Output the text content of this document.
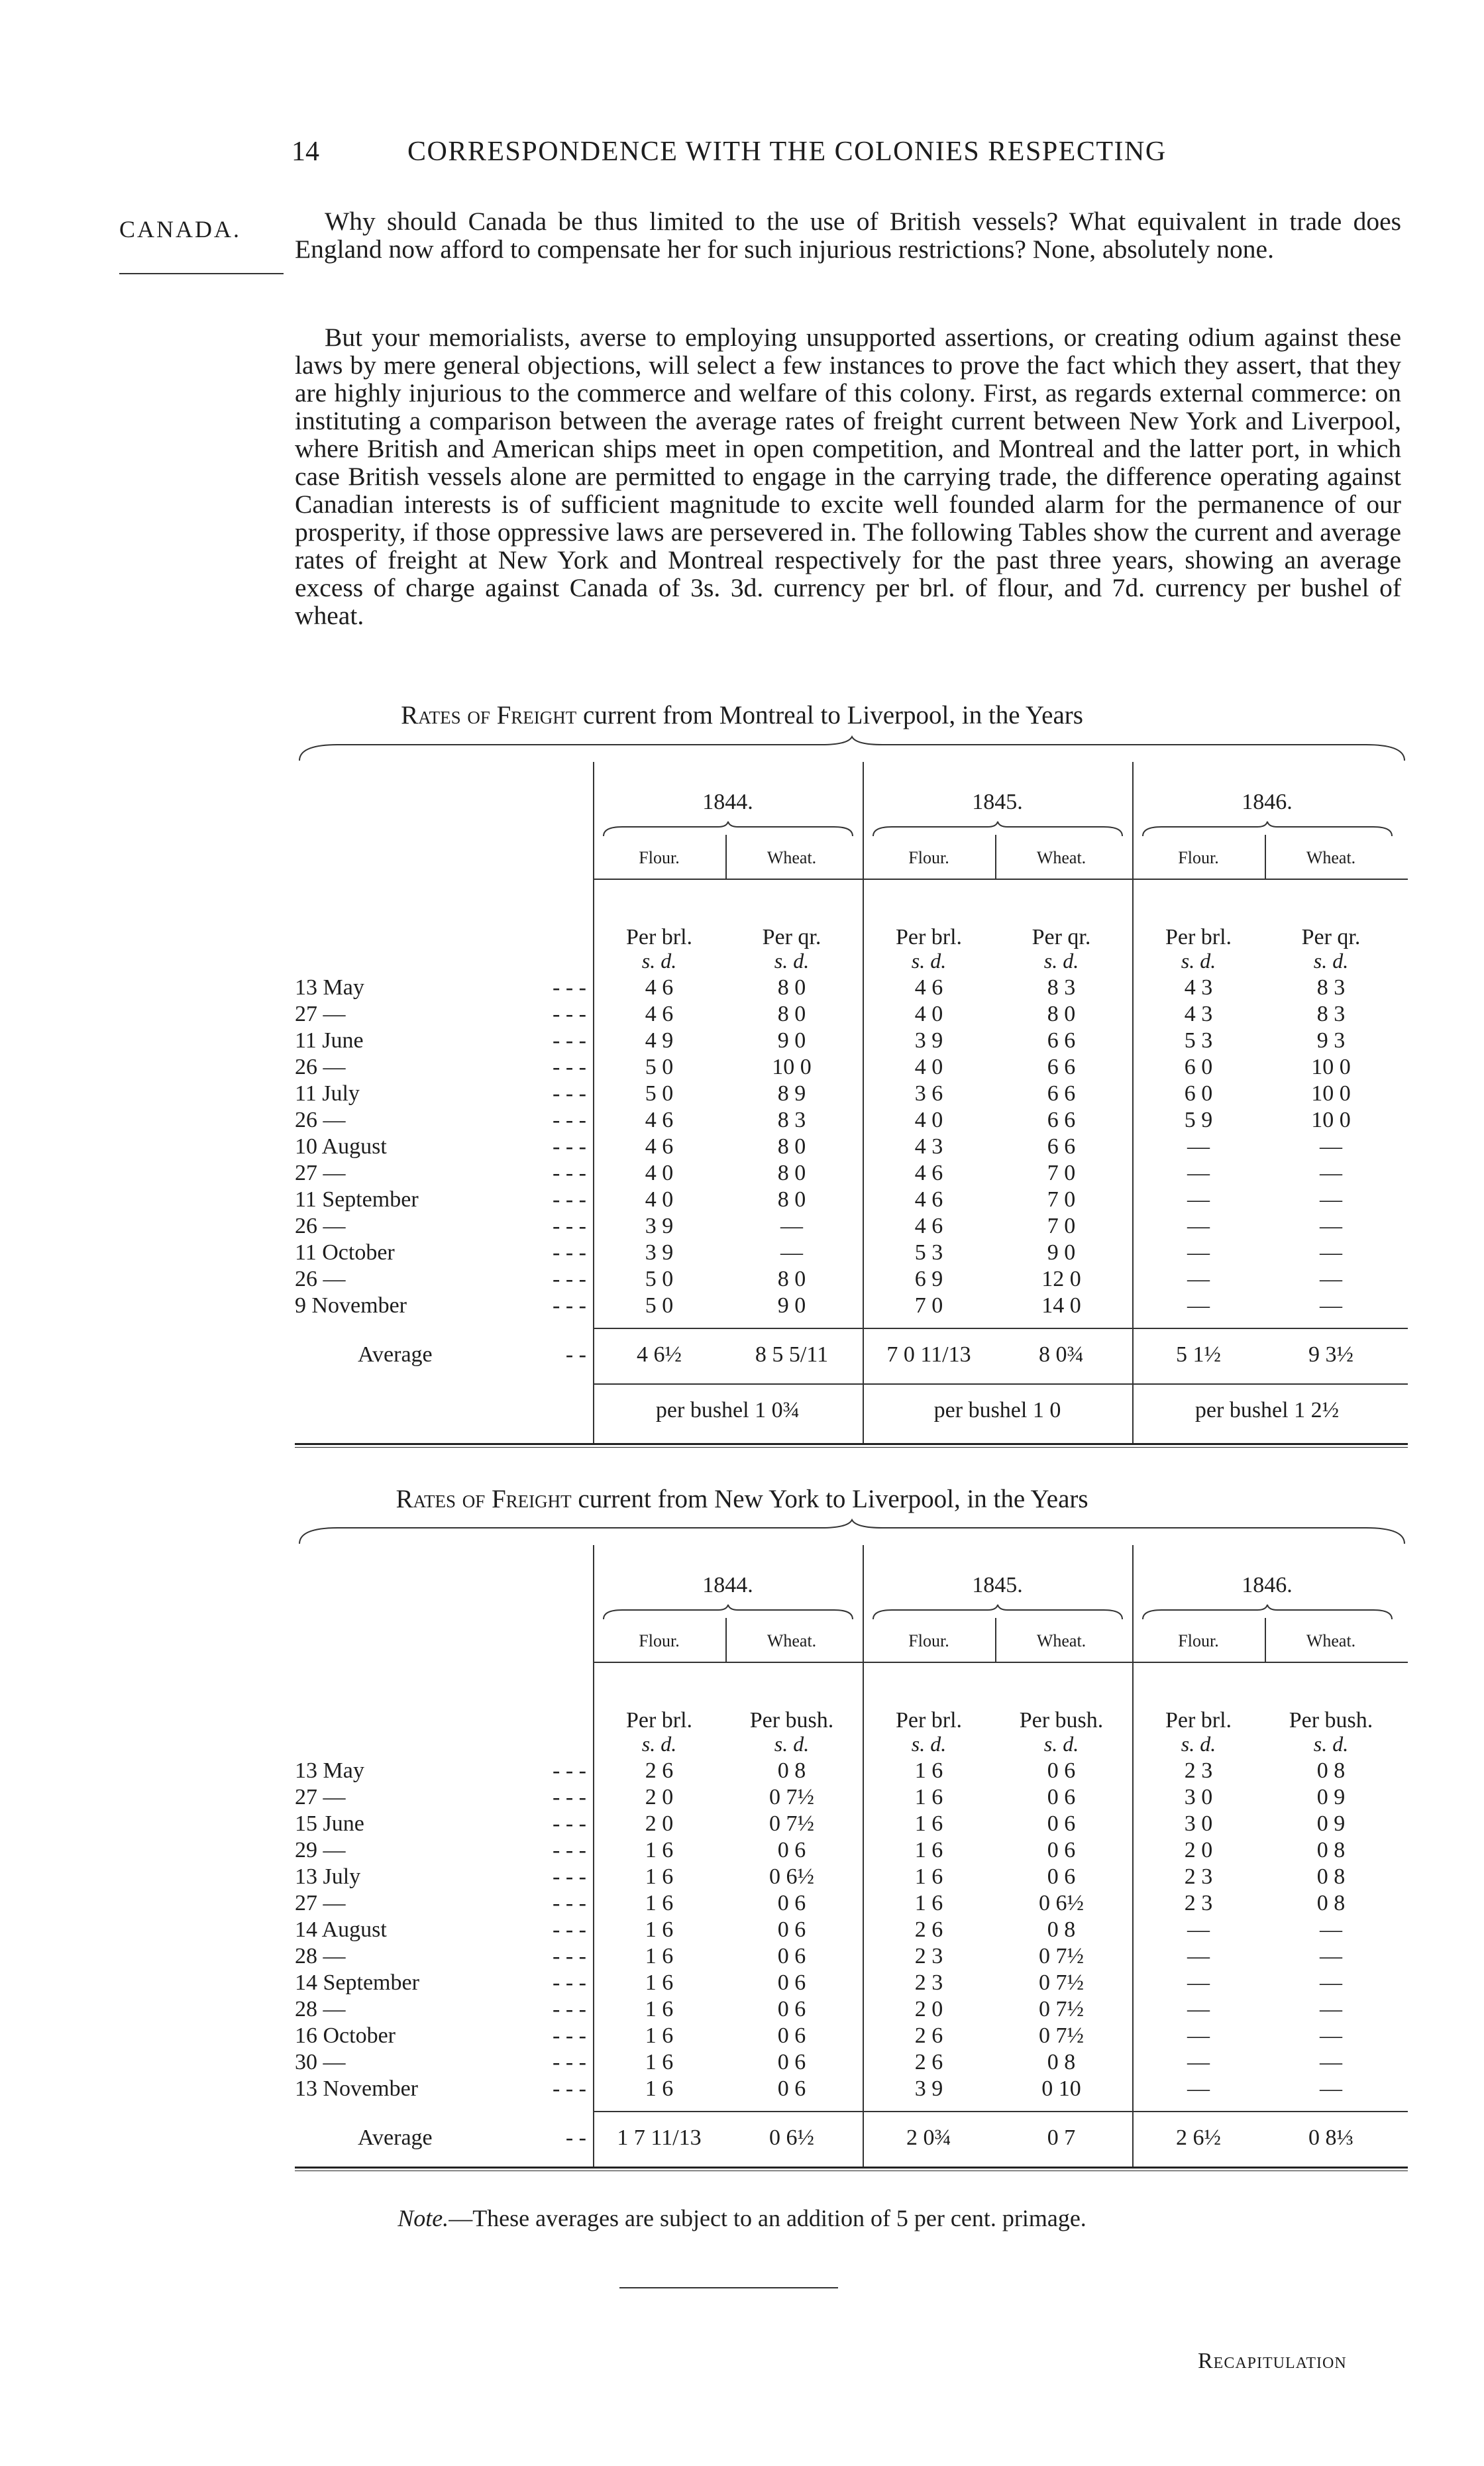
14	CORRESPONDENCE WITH THE COLONIES RESPECTING
CANADA.	Why should Canada be thus limited to the use of British vessels? What equivalent in trade does England now afford to compensate her for such injurious restrictions? None, absolutely none.
But your memorialists, averse to employing unsupported assertions, or creating odium against these laws by mere general objections, will select a few instances to prove the fact which they assert, that they are highly injurious to the commerce and welfare of this colony. First, as regards external commerce: on instituting a comparison between the average rates of freight current between New York and Liverpool, where British and American ships meet in open competition, and Montreal and the latter port, in which case British vessels alone are permitted to engage in the carrying trade, the difference operating against Canadian interests is of sufficient magnitude to excite well founded alarm for the permanence of our prosperity, if those oppressive laws are persevered in. The following Tables show the current and average rates of freight at New York and Montreal respectively for the past three years, showing an average excess of charge against Canada of 3s. 3d. currency per brl. of flour, and 7d. currency per bushel of wheat.
Rates of Freight current from Montreal to Liverpool, in the Years
1844.	1845.	1846.
Flour.	Wheat.	Flour.	Wheat.	Flour.	Wheat.
Per brl.	Per qr.	Per brl.	Per qr.	Per brl.	Per qr.
s. d.	s. d.	s. d.	s. d.	s. d.	s. d.
13 May	- - -	4 6	8 0	4 6	8 3	4 3	8 3
27 —	- - -	4 6	8 0	4 0	8 0	4 3	8 3
11 June	- - -	4 9	9 0	3 9	6 6	5 3	9 3
26 —	- - -	5 0	10 0	4 0	6 6	6 0	10 0
11 July	- - -	5 0	8 9	3 6	6 6	6 0	10 0
26 —	- - -	4 6	8 3	4 0	6 6	5 9	10 0
10 August	- - -	4 6	8 0	4 3	6 6	—	—
27 —	- - -	4 0	8 0	4 6	7 0	—	—
11 September	- - -	4 0	8 0	4 6	7 0	—	—
26 —	- - -	3 9	—	4 6	7 0	—	—
11 October	- - -	3 9	—	5 3	9 0	—	—
26 —	- - -	5 0	8 0	6 9	12 0	—	—
9 November	- - -	5 0	9 0	7 0	14 0	—	—
Average	- -	4 6½	8 5 5/11	7 0 11/13	8 0¾	5 1½	9 3½
per bushel 1 0¾	per bushel 1 0	per bushel 1 2½
Rates of Freight current from New York to Liverpool, in the Years
1844.	1845.	1846.
Flour.	Wheat.	Flour.	Wheat.	Flour.	Wheat.
Per brl.	Per bush.	Per brl.	Per bush.	Per brl.	Per bush.
s. d.	s. d.	s. d.	s. d.	s. d.	s. d.
13 May	- - -	2 6	0 8	1 6	0 6	2 3	0 8
27 —	- - -	2 0	0 7½	1 6	0 6	3 0	0 9
15 June	- - -	2 0	0 7½	1 6	0 6	3 0	0 9
29 —	- - -	1 6	0 6	1 6	0 6	2 0	0 8
13 July	- - -	1 6	0 6½	1 6	0 6	2 3	0 8
27 —	- - -	1 6	0 6	1 6	0 6½	2 3	0 8
14 August	- - -	1 6	0 6	2 6	0 8	—	—
28 —	- - -	1 6	0 6	2 3	0 7½	—	—
14 September	- - -	1 6	0 6	2 3	0 7½	—	—
28 —	- - -	1 6	0 6	2 0	0 7½	—	—
16 October	- - -	1 6	0 6	2 6	0 7½	—	—
30 —	- - -	1 6	0 6	2 6	0 8	—	—
13 November	- - -	1 6	0 6	3 9	0 10	—	—
Average	- -	1 7 11/13	0 6½	2 0¾	0 7	2 6½	0 8⅓
Note.—These averages are subject to an addition of 5 per cent. primage.
Recapitulation
